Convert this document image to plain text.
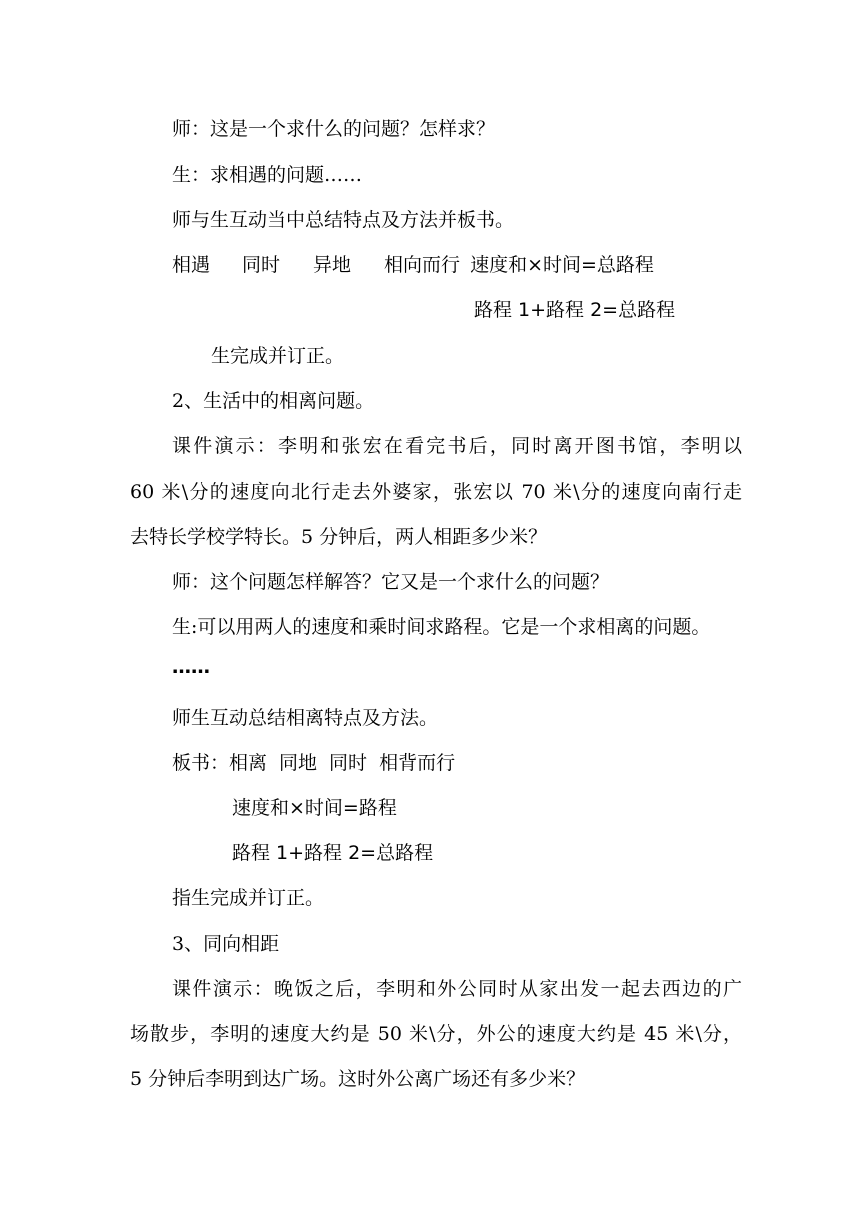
师：这是一个求什么的问题？怎样求？
生：求相遇的问题……
师与生互动当中总结特点及方法并板书。
相遇 同时 异地 相向而行 速度和×时间=总路程
路程 1+路程 2=总路程
生完成并订正。
2、生活中的相离问题。
课件演示：李明和张宏在看完书后，同时离开图书馆，李明以
60 米\分的速度向北行走去外婆家，张宏以 70 米\分的速度向南行走
去特长学校学特长。5 分钟后，两人相距多少米？
师：这个问题怎样解答？它又是一个求什么的问题？
生:可以用两人的速度和乘时间求路程。它是一个求相离的问题。
……
师生互动总结相离特点及方法。
板书：相离 同地 同时 相背而行
速度和×时间=路程
路程 1+路程 2=总路程
指生完成并订正。
3、同向相距
课件演示：晚饭之后，李明和外公同时从家出发一起去西边的广
场散步，李明的速度大约是 50 米\分，外公的速度大约是 45 米\分，
5 分钟后李明到达广场。这时外公离广场还有多少米？
